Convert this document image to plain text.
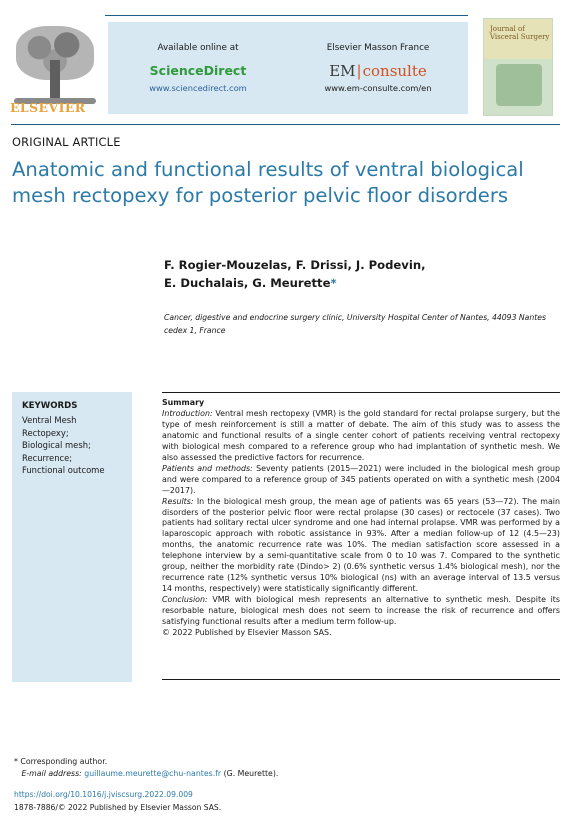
ELSEVIER
Available online at
ScienceDirect
www.sciencedirect.com
Elsevier Masson France
EM|consulte
www.em-consulte.com/en
Journal of Visceral Surgery
ORIGINAL ARTICLE
Anatomic and functional results of ventral biological mesh rectopexy for posterior pelvic floor disorders
F. Rogier-Mouzelas, F. Drissi, J. Podevin,
E. Duchalais, G. Meurette*
Cancer, digestive and endocrine surgery clinic, University Hospital Center of Nantes, 44093 Nantes cedex 1, France
KEYWORDS
Ventral Mesh
Rectopexy;
Biological mesh;
Recurrence;
Functional outcome
Summary

Introduction: Ventral mesh rectopexy (VMR) is the gold standard for rectal prolapse surgery, but the type of mesh reinforcement is still a matter of debate. The aim of this study was to assess the anatomic and functional results of a single center cohort of patients receiving ventral rectopexy with biological mesh compared to a reference group who had implantation of synthetic mesh. We also assessed the predictive factors for recurrence.

Patients and methods: Seventy patients (2015—2021) were included in the biological mesh group and were compared to a reference group of 345 patients operated on with a synthetic mesh (2004—2017).

Results: In the biological mesh group, the mean age of patients was 65 years (53—72). The main disorders of the posterior pelvic floor were rectal prolapse (30 cases) or rectocele (37 cases). Two patients had solitary rectal ulcer syndrome and one had internal prolapse. VMR was performed by a laparoscopic approach with robotic assistance in 93%. After a median follow-up of 12 (4.5—23) months, the anatomic recurrence rate was 10%. The median satisfaction score assessed in a telephone interview by a semi-quantitative scale from 0 to 10 was 7. Compared to the synthetic group, neither the morbidity rate (Dindo> 2) (0.6% synthetic versus 1.4% biological mesh), nor the recurrence rate (12% synthetic versus 10% biological (ns) with an average interval of 13.5 versus 14 months, respectively) were statistically significantly different.

Conclusion: VMR with biological mesh represents an alternative to synthetic mesh. Despite its resorbable nature, biological mesh does not seem to increase the risk of recurrence and offers satisfying functional results after a medium term follow-up.

© 2022 Published by Elsevier Masson SAS.

* Corresponding author.
E-mail address: guillaume.meurette@chu-nantes.fr (G. Meurette).
https://doi.org/10.1016/j.jviscsurg.2022.09.009
1878-7886/© 2022 Published by Elsevier Masson SAS.
